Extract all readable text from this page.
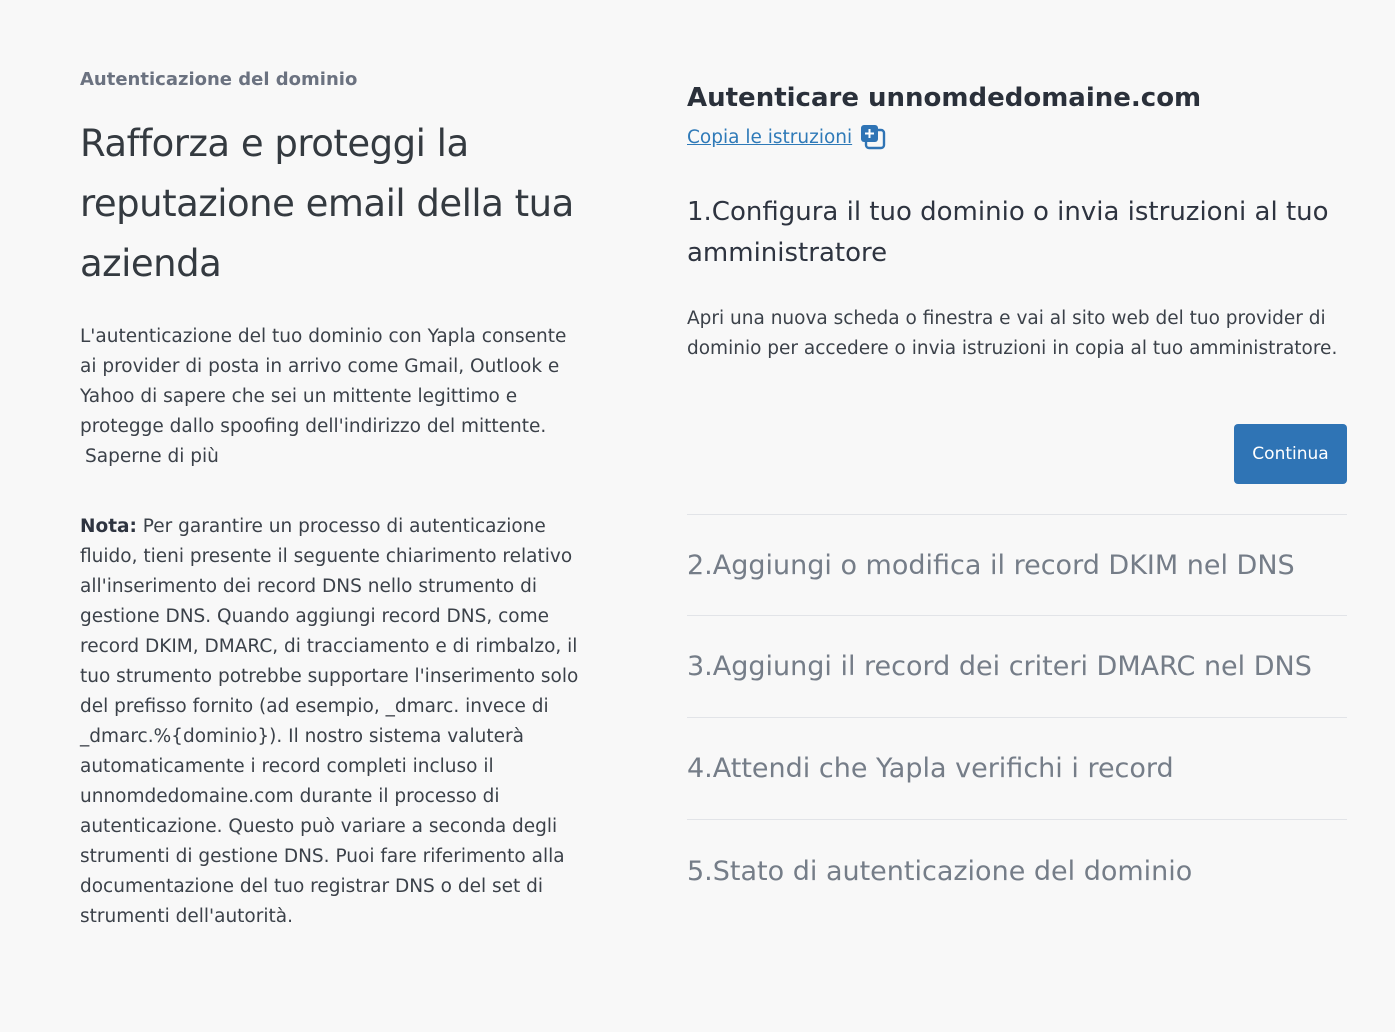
Autenticazione del dominio
Rafforza e proteggi la reputazione email della tua azienda

L'autenticazione del tuo dominio con Yapla consente ai provider di posta in arrivo come Gmail, Outlook e Yahoo di sapere che sei un mittente legittimo e protegge dallo spoofing dell'indirizzo del mittente.
Saperne di più

Nota: Per garantire un processo di autenticazione fluido, tieni presente il seguente chiarimento relativo all'inserimento dei record DNS nello strumento di gestione DNS. Quando aggiungi record DNS, come record DKIM, DMARC, di tracciamento e di rimbalzo, il tuo strumento potrebbe supportare l'inserimento solo del prefisso fornito (ad esempio, _dmarc. invece di _dmarc.%{dominio}). Il nostro sistema valuterà automaticamente i record completi incluso il unnomdedomaine.com durante il processo di autenticazione. Questo può variare a seconda degli strumenti di gestione DNS. Puoi fare riferimento alla documentazione del tuo registrar DNS o del set di strumenti dell'autorità.

Autenticare unnomdedomaine.com
Copia le istruzioni
1.Configura il tuo dominio o invia istruzioni al tuo amministratore
Apri una nuova scheda o finestra e vai al sito web del tuo provider di dominio per accedere o invia istruzioni in copia al tuo amministratore.
Continua
2.Aggiungi o modifica il record DKIM nel DNS
3.Aggiungi il record dei criteri DMARC nel DNS
4.Attendi che Yapla verifichi i record
5.Stato di autenticazione del dominio
